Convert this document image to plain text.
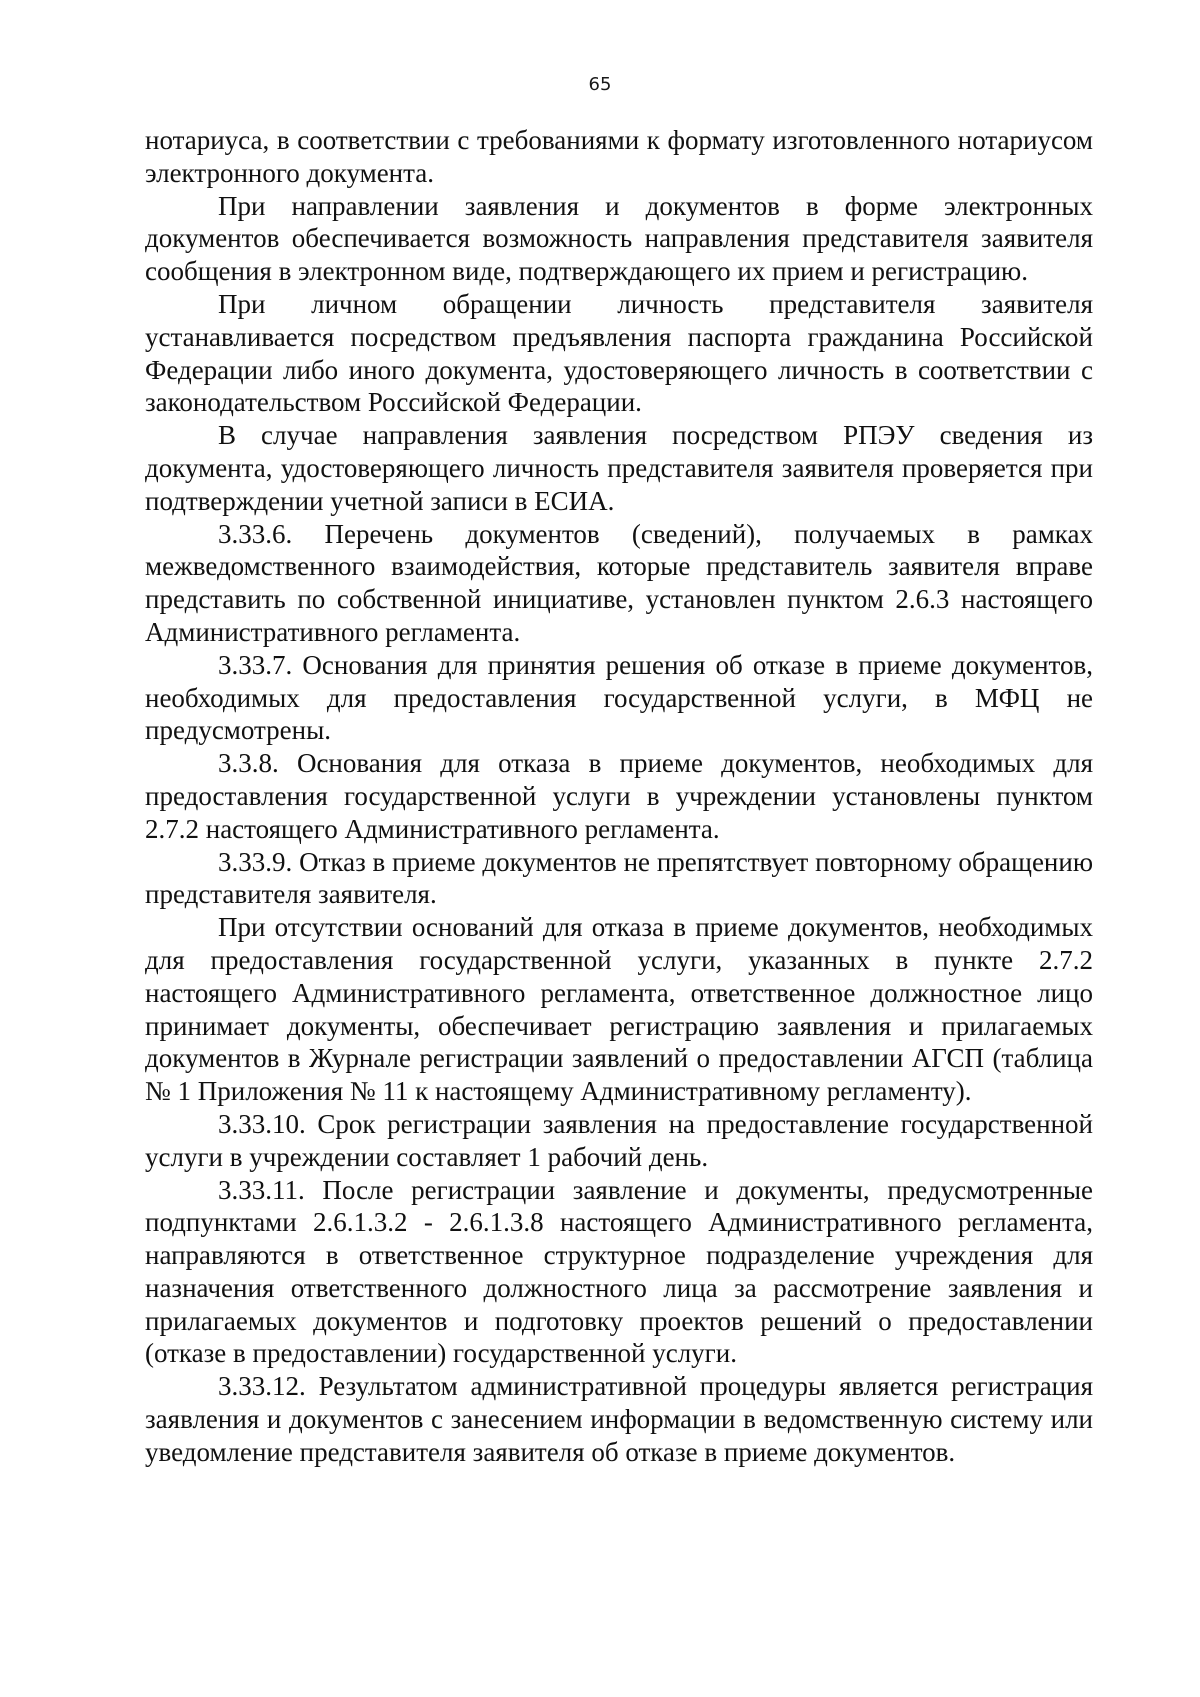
65

нотариуса, в соответствии с требованиями к формату изготовленного нотариусом электронного документа.

При направлении заявления и документов в форме электронных документов обеспечивается возможность направления представителя заявителя сообщения в электронном виде, подтверждающего их прием и регистрацию.

При личном обращении личность представителя заявителя устанавливается посредством предъявления паспорта гражданина Российской Федерации либо иного документа, удостоверяющего личность в соответствии с законодательством Российской Федерации.

В случае направления заявления посредством РПЭУ сведения из документа, удостоверяющего личность представителя заявителя проверяется при подтверждении учетной записи в ЕСИА.

3.33.6. Перечень документов (сведений), получаемых в рамках межведомственного взаимодействия, которые представитель заявителя вправе представить по собственной инициативе, установлен пунктом 2.6.3 настоящего Административного регламента.

3.33.7. Основания для принятия решения об отказе в приеме документов, необходимых для предоставления государственной услуги, в МФЦ не предусмотрены.

3.3.8. Основания для отказа в приеме документов, необходимых для предоставления государственной услуги в учреждении установлены пунктом 2.7.2 настоящего Административного регламента.

3.33.9. Отказ в приеме документов не препятствует повторному обращению представителя заявителя.

При отсутствии оснований для отказа в приеме документов, необходимых для предоставления государственной услуги, указанных в пункте 2.7.2 настоящего Административного регламента, ответственное должностное лицо принимает документы, обеспечивает регистрацию заявления и прилагаемых документов в Журнале регистрации заявлений о предоставлении АГСП (таблица № 1 Приложения № 11 к настоящему Административному регламенту).

3.33.10. Срок регистрации заявления на предоставление государственной услуги в учреждении составляет 1 рабочий день.

3.33.11. После регистрации заявление и документы, предусмотренные подпунктами 2.6.1.3.2 - 2.6.1.3.8 настоящего Административного регламента, направляются в ответственное структурное подразделение учреждения для назначения ответственного должностного лица за рассмотрение заявления и прилагаемых документов и подготовку проектов решений о предоставлении (отказе в предоставлении) государственной услуги.

3.33.12. Результатом административной процедуры является регистрация заявления и документов с занесением информации в ведомственную систему или уведомление представителя заявителя об отказе в приеме документов.
